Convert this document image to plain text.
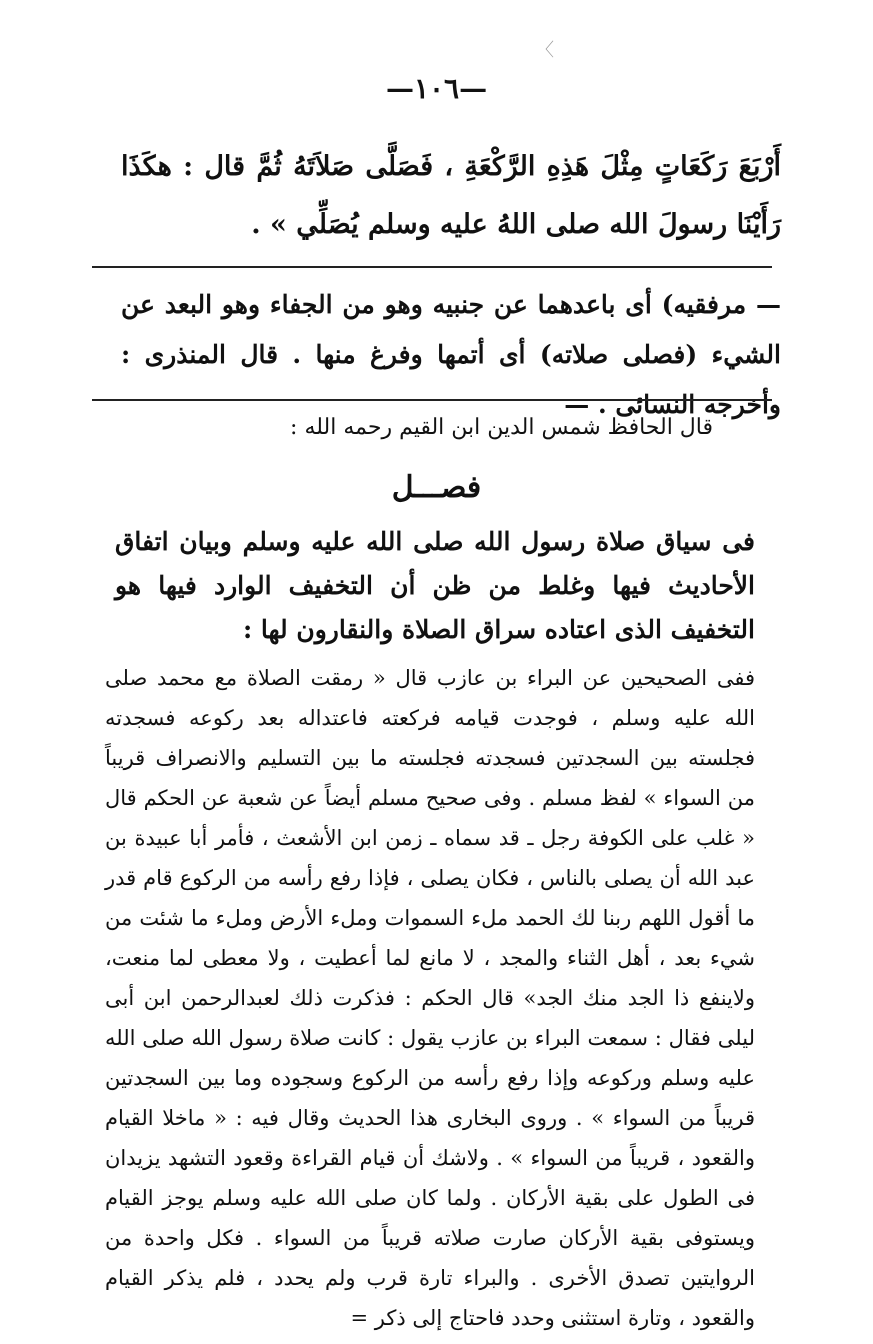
〉
—١٠٦—

أَرْبَعَ رَكَعَاتٍ مِثْلَ هَذِهِ الرَّكْعَةِ ، فَصَلَّى صَلاَتَهُ ثُمَّ قال : هكَذَا رَأَيْنَا رسولَ الله صلى اللهُ عليه وسلم يُصَلِّي » .

— مرفقيه) أى باعدهما عن جنبيه وهو من الجفاء وهو البعد عن الشيء (فصلى صلاته) أى أتمها وفرغ منها . قال المنذرى : وأخرجه النسائى . —

قال الحافظ شمس الدين ابن القيم رحمه الله :

فصـــل

فى سياق صلاة رسول الله صلى الله عليه وسلم وبيان اتفاق الأحاديث فيها وغلط من ظن أن التخفيف الوارد فيها هو التخفيف الذى اعتاده سراق الصلاة والنقارون لها :

ففى الصحيحين عن البراء بن عازب قال « رمقت الصلاة مع محمد صلى الله عليه وسلم ، فوجدت قيامه فركعته فاعتداله بعد ركوعه فسجدته فجلسته بين السجدتين فسجدته فجلسته ما بين التسليم والانصراف قريباً من السواء » لفظ مسلم . وفى صحيح مسلم أيضاً عن شعبة عن الحكم قال « غلب على الكوفة رجل ـ قد سماه ـ زمن ابن الأشعث ، فأمر أبا عبيدة بن عبد الله أن يصلى بالناس ، فكان يصلى ، فإذا رفع رأسه من الركوع قام قدر ما أقول اللهم ربنا لك الحمد ملء السموات وملء الأرض وملء ما شئت من شيء بعد ، أهل الثناء والمجد ، لا مانع لما أعطيت ، ولا معطى لما منعت، ولاينفع ذا الجد منك الجد» قال الحكم : فذكرت ذلك لعبدالرحمن ابن أبى ليلى فقال : سمعت البراء بن عازب يقول : كانت صلاة رسول الله صلى الله عليه وسلم وركوعه وإذا رفع رأسه من الركوع وسجوده وما بين السجدتين قريباً من السواء » . وروى البخارى هذا الحديث وقال فيه : « ماخلا القيام والقعود ، قريباً من السواء » . ولاشك أن قيام القراءة وقعود التشهد يزيدان فى الطول على بقية الأركان . ولما كان صلى الله عليه وسلم يوجز القيام ويستوفى بقية الأركان صارت صلاته قريباً من السواء . فكل واحدة من الروايتين تصدق الأخرى . والبراء تارة قرب ولم يحدد ، فلم يذكر القيام والقعود ، وتارة استثنى وحدد فاحتاج إلى ذكر =
